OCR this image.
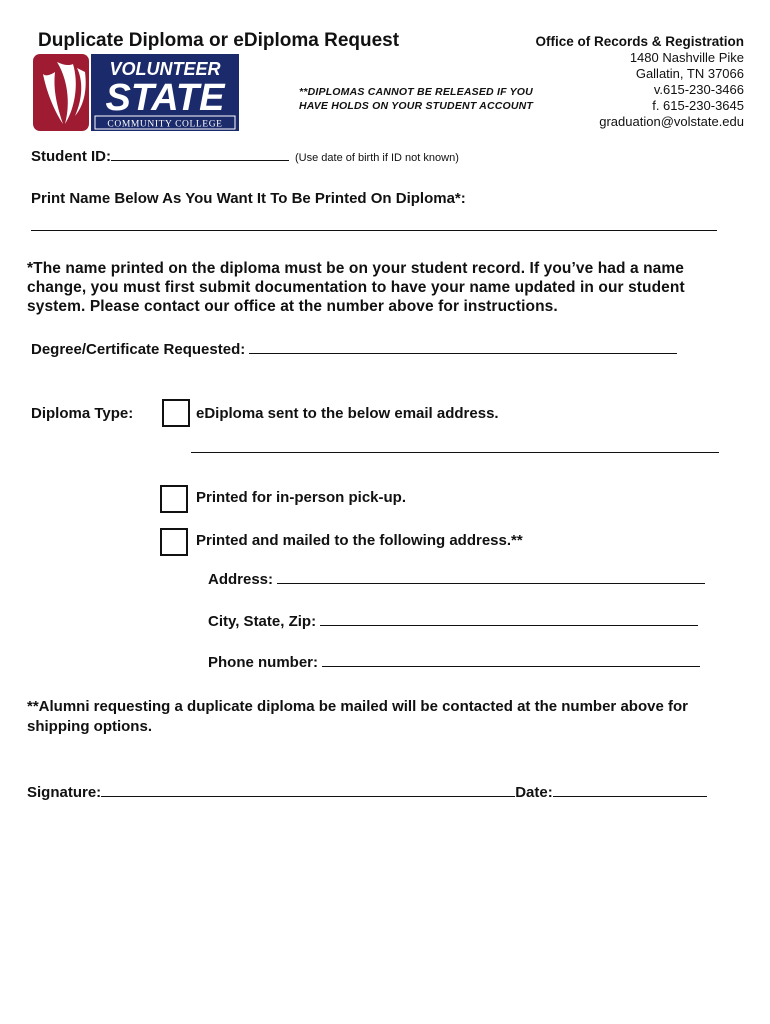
Duplicate Diploma or eDiploma Request
**DIPLOMAS CANNOT BE RELEASED IF YOU
HAVE HOLDS ON YOUR STUDENT ACCOUNT
Office of Records & Registration
1480 Nashville Pike
Gallatin, TN 37066
v.615-230-3466
f. 615-230-3645
graduation@volstate.edu
VOLUNTEER
STATE
COMMUNITY COLLEGE
Student ID:	(Use date of birth if ID not known)
Print Name Below As You Want It To Be Printed On Diploma*:
*The name printed on the diploma must be on your student record. If you’ve had a name change, you must first submit documentation to have your name updated in our student system. Please contact our office at the number above for instructions.
Degree/Certificate Requested:
Diploma Type:	eDiploma sent to the below email address.
Printed for in-person pick-up.
Printed and mailed to the following address.**
Address:
City, State, Zip:
Phone number:
**Alumni requesting a duplicate diploma be mailed will be contacted at the number above for shipping options.
Signature:	Date:
